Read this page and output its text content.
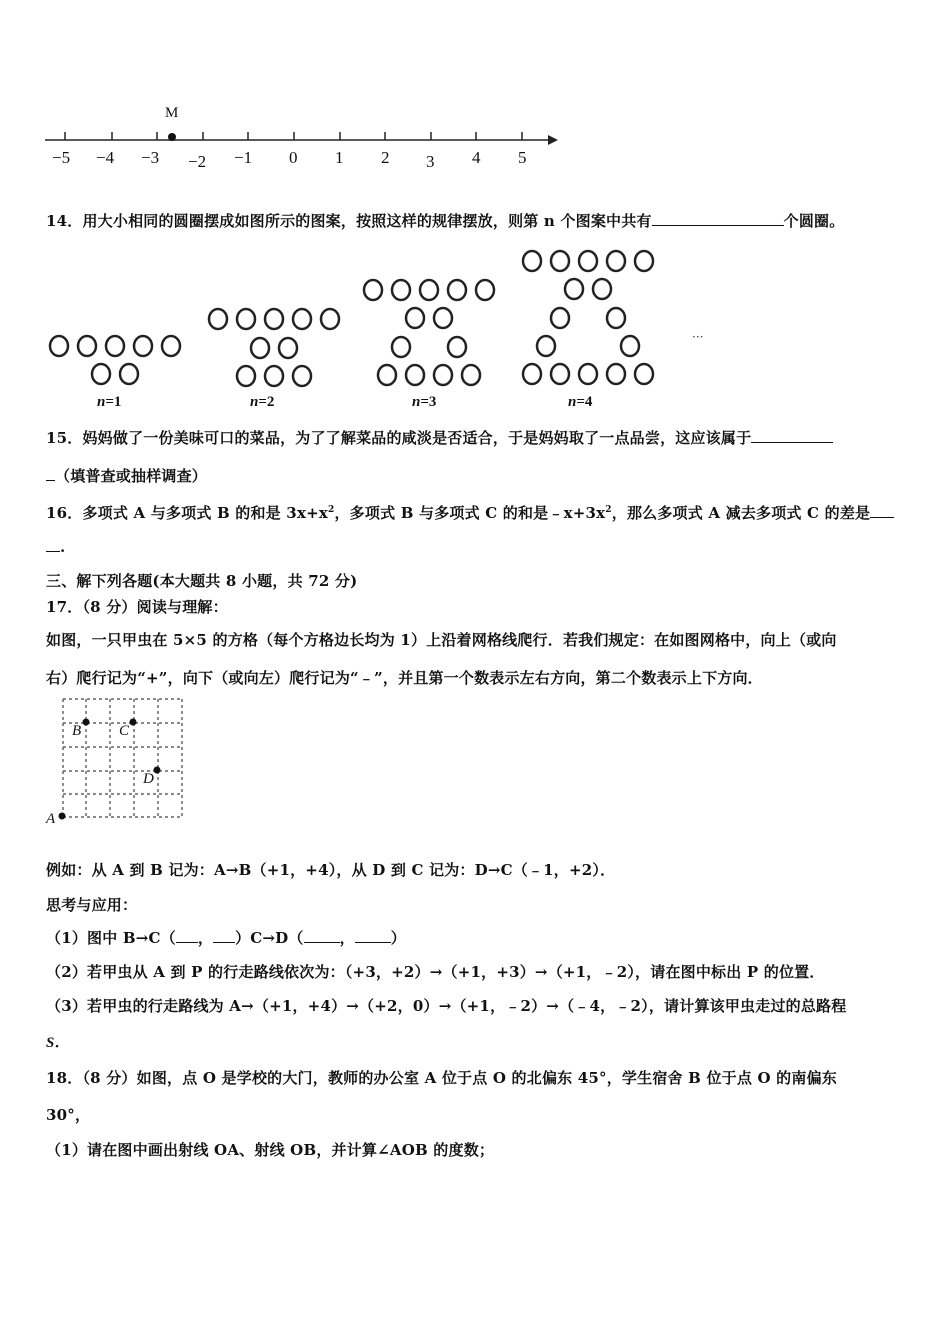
M
−5 −4 −3 −2 −1 0 1 2 3 4 5
14．用大小相同的圆圈摆成如图所示的图案，按照这样的规律摆放，则第 n 个图案中共有	个圆圈。
···
n=1	n=2	n=3	n=4
15．妈妈做了一份美味可口的菜品，为了了解菜品的咸淡是否适合，于是妈妈取了一点品尝，这应该属于
（填普查或抽样调查）
16．多项式 A 与多项式 B 的和是 $3x+x^2$，多项式 B 与多项式 C 的和是$﹣x+3x^2$，那么多项式 A 减去多项式 C 的差是
.
三、解下列各题(本大题共 8 小题，共 72 分)
17．（8 分）阅读与理解：
如图，一只甲虫在 5×5 的方格（每个方格边长均为 1）上沿着网格线爬行．若我们规定：在如图网格中，向上（或向
右）爬行记为“+”，向下（或向左）爬行记为“﹣”，并且第一个数表示左右方向，第二个数表示上下方向．
A
B	C
D
例如：从 A 到 B 记为：A→B（+1，+4），从 D 到 C 记为：D→C（﹣1，+2）．
思考与应用：
（1）图中 B→C（ ， ）C→D（ ， ）
（2）若甲虫从 A 到 P 的行走路线依次为：（+3，+2）→（+1，+3）→（+1，﹣2），请在图中标出 P 的位置．
（3）若甲虫的行走路线为 A→（+1，+4）→（+2，0）→（+1，﹣2）→（﹣4，﹣2），请计算该甲虫走过的总路程
S．
18．（8 分）如图，点 O 是学校的大门，教师的办公室 A 位于点 O 的北偏东 45°，学生宿舍 B 位于点 O 的南偏东
30°，
（1）请在图中画出射线 OA、射线 OB，并计算∠AOB 的度数；
